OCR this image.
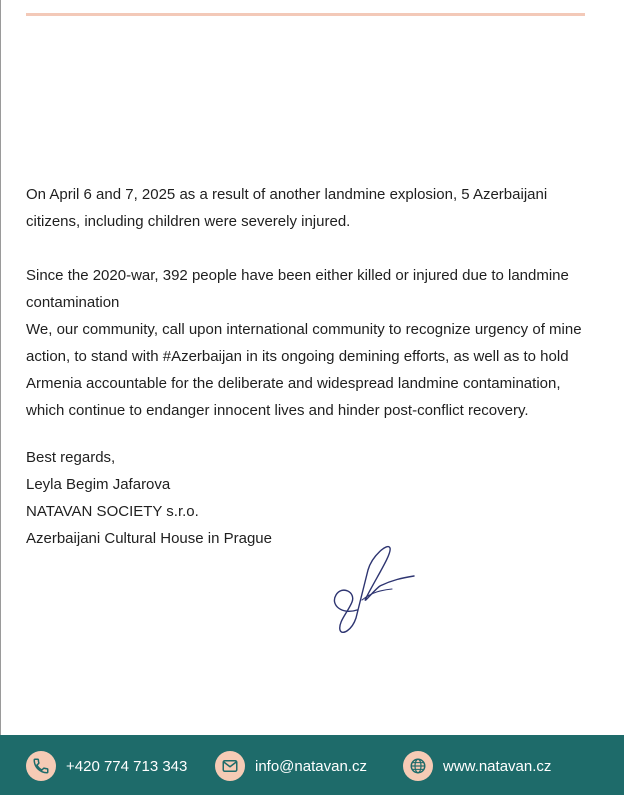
On April 6 and 7, 2025 as a result of another landmine explosion, 5 Azerbaijani citizens, including children were severely injured.

Since the 2020-war, 392 people have been either killed or injured due to landmine contamination

We, our community, call upon international community to recognize urgency of mine action, to stand with #Azerbaijan in its ongoing demining efforts, as well as to hold Armenia accountable for the deliberate and widespread landmine contamination, which continue to endanger innocent lives and hinder post-conflict recovery.

Best regards,

Leyla Begim Jafarova

NATAVAN SOCIETY s.r.o.

Azerbaijani Cultural House in Prague

+420 774 713 343	info@natavan.cz	www.natavan.cz
